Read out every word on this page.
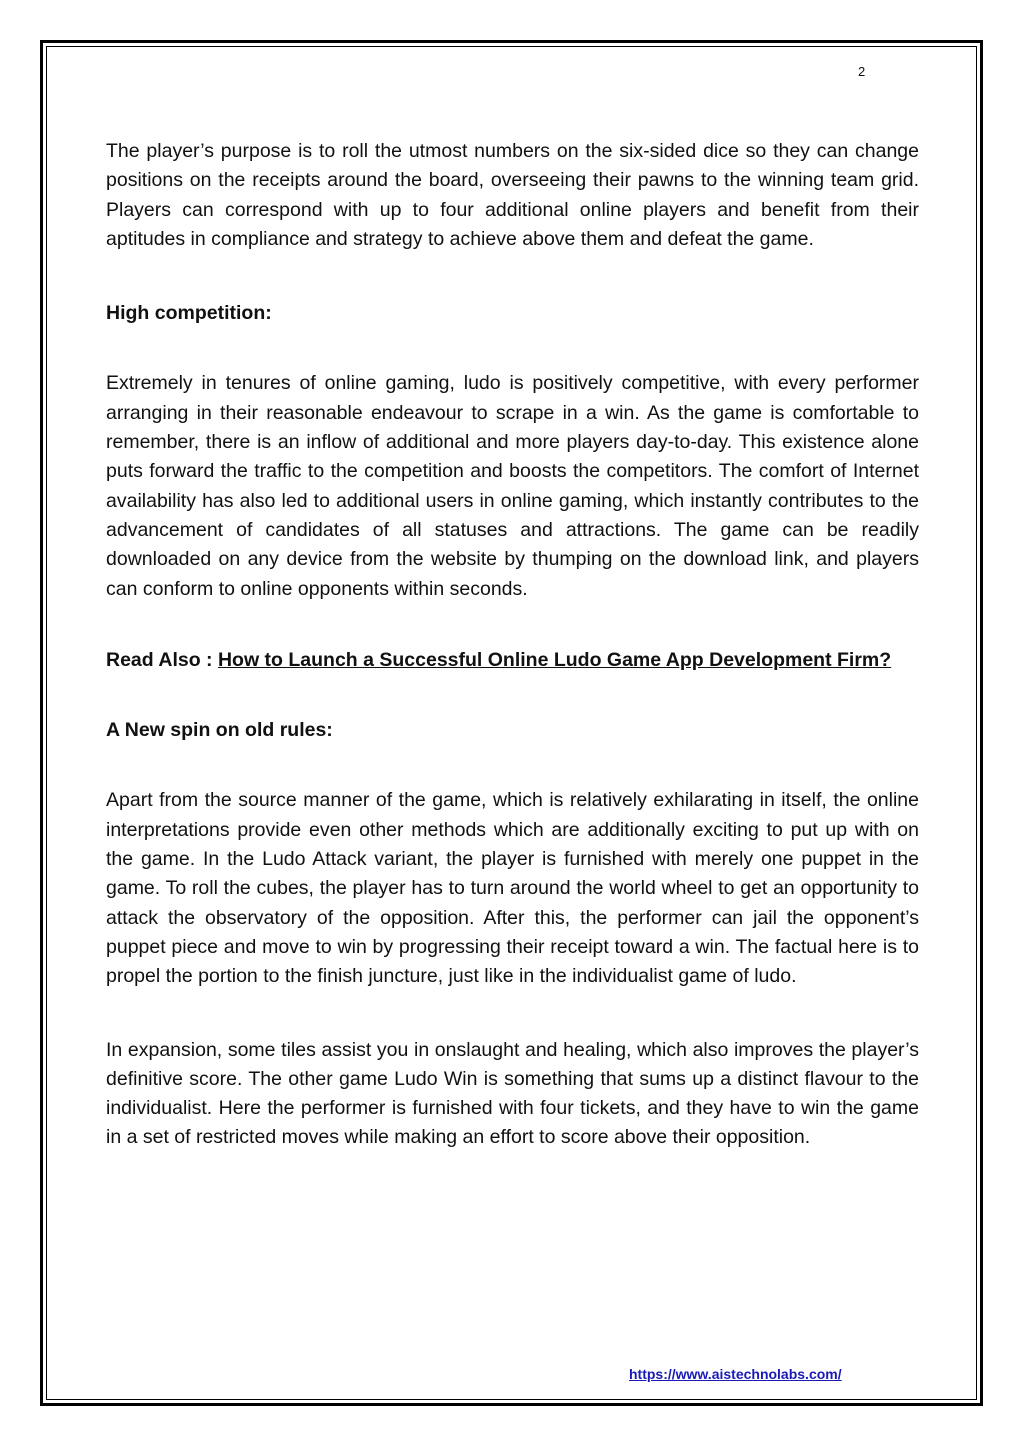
2

The player’s purpose is to roll the utmost numbers on the six-sided dice so they can change positions on the receipts around the board, overseeing their pawns to the winning team grid. Players can correspond with up to four additional online players and benefit from their aptitudes in compliance and strategy to achieve above them and defeat the game.

High competition:

Extremely in tenures of online gaming, ludo is positively competitive, with every performer arranging in their reasonable endeavour to scrape in a win. As the game is comfortable to remember, there is an inflow of additional and more players day-to-day. This existence alone puts forward the traffic to the competition and boosts the competitors. The comfort of Internet availability has also led to additional users in online gaming, which instantly contributes to the advancement of candidates of all statuses and attractions. The game can be readily downloaded on any device from the website by thumping on the download link, and players can conform to online opponents within seconds.

Read Also : How to Launch a Successful Online Ludo Game App Development Firm?

A New spin on old rules:

Apart from the source manner of the game, which is relatively exhilarating in itself, the online interpretations provide even other methods which are additionally exciting to put up with on the game. In the Ludo Attack variant, the player is furnished with merely one puppet in the game. To roll the cubes, the player has to turn around the world wheel to get an opportunity to attack the observatory of the opposition. After this, the performer can jail the opponent’s puppet piece and move to win by progressing their receipt toward a win. The factual here is to propel the portion to the finish juncture, just like in the individualist game of ludo.

In expansion, some tiles assist you in onslaught and healing, which also improves the player’s definitive score. The other game Ludo Win is something that sums up a distinct flavour to the individualist. Here the performer is furnished with four tickets, and they have to win the game in a set of restricted moves while making an effort to score above their opposition.

https://www.aistechnolabs.com/
